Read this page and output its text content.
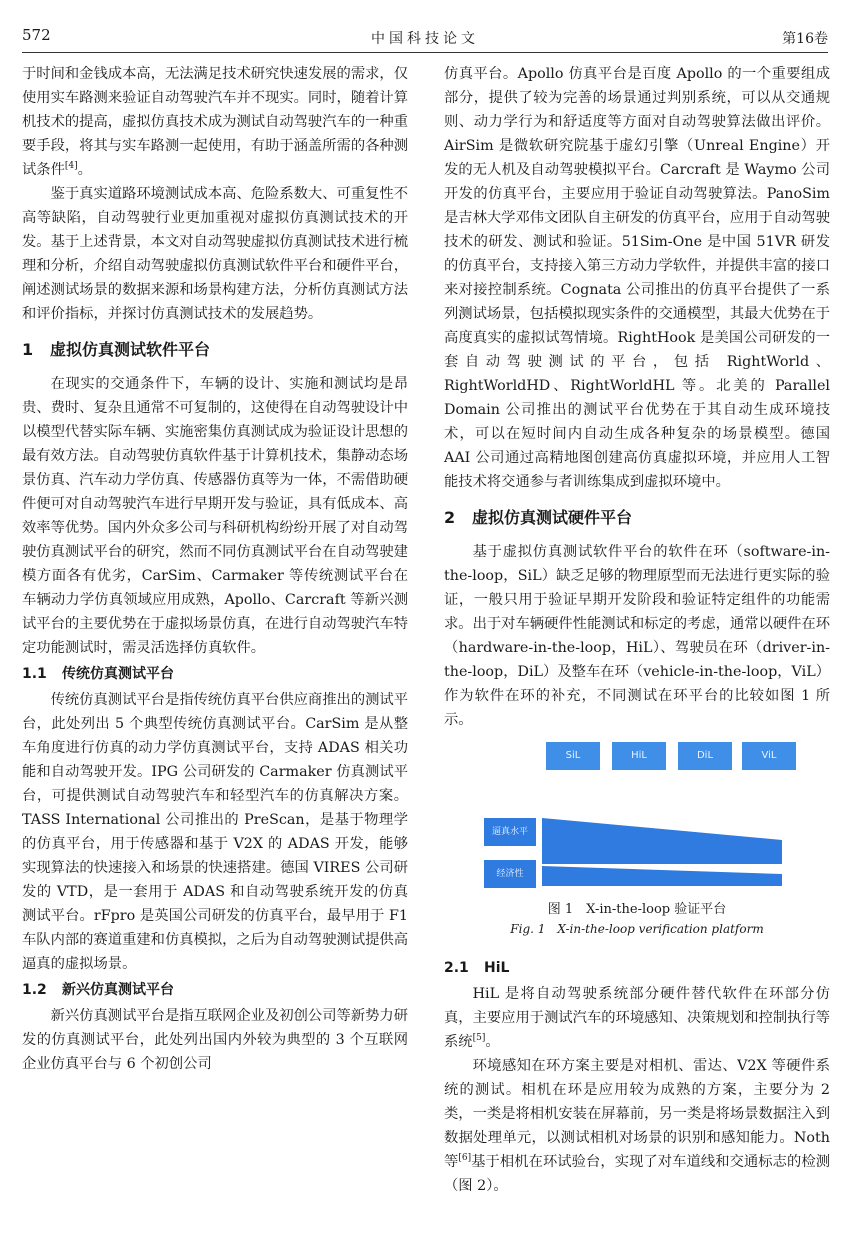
572	中国科技论文	第16卷

于时间和金钱成本高，无法满足技术研究快速发展的需求，仅使用实车路测来验证自动驾驶汽车并不现实。同时，随着计算机技术的提高，虚拟仿真技术成为测试自动驾驶汽车的一种重要手段，将其与实车路测一起使用，有助于涵盖所需的各种测试条件[4]。

鉴于真实道路环境测试成本高、危险系数大、可重复性不高等缺陷，自动驾驶行业更加重视对虚拟仿真测试技术的开发。基于上述背景，本文对自动驾驶虚拟仿真测试技术进行梳理和分析，介绍自动驾驶虚拟仿真测试软件平台和硬件平台，阐述测试场景的数据来源和场景构建方法，分析仿真测试方法和评价指标，并探讨仿真测试技术的发展趋势。

1 虚拟仿真测试软件平台

在现实的交通条件下，车辆的设计、实施和测试均是昂贵、费时、复杂且通常不可复制的，这使得在自动驾驶设计中以模型代替实际车辆、实施密集仿真测试成为验证设计思想的最有效方法。自动驾驶仿真软件基于计算机技术，集静动态场景仿真、汽车动力学仿真、传感器仿真等为一体，不需借助硬件便可对自动驾驶汽车进行早期开发与验证，具有低成本、高效率等优势。国内外众多公司与科研机构纷纷开展了对自动驾驶仿真测试平台的研究，然而不同仿真测试平台在自动驾驶建模方面各有优劣，CarSim、Carmaker 等传统测试平台在车辆动力学仿真领域应用成熟，Apollo、Carcraft 等新兴测试平台的主要优势在于虚拟场景仿真，在进行自动驾驶汽车特定功能测试时，需灵活选择仿真软件。

1.1 传统仿真测试平台

传统仿真测试平台是指传统仿真平台供应商推出的测试平台，此处列出 5 个典型传统仿真测试平台。CarSim 是从整车角度进行仿真的动力学仿真测试平台，支持 ADAS 相关功能和自动驾驶开发。IPG 公司研发的 Carmaker 仿真测试平台，可提供测试自动驾驶汽车和轻型汽车的仿真解决方案。TASS International 公司推出的 PreScan，是基于物理学的仿真平台，用于传感器和基于 V2X 的 ADAS 开发，能够实现算法的快速接入和场景的快速搭建。德国 VIRES 公司研发的 VTD，是一套用于 ADAS 和自动驾驶系统开发的仿真测试平台。rFpro 是英国公司研发的仿真平台，最早用于 F1 车队内部的赛道重建和仿真模拟，之后为自动驾驶测试提供高逼真的虚拟场景。

1.2 新兴仿真测试平台

新兴仿真测试平台是指互联网企业及初创公司等新势力研发的仿真测试平台，此处列出国内外较为典型的 3 个互联网企业仿真平台与 6 个初创公司

仿真平台。Apollo 仿真平台是百度 Apollo 的一个重要组成部分，提供了较为完善的场景通过判别系统，可以从交通规则、动力学行为和舒适度等方面对自动驾驶算法做出评价。AirSim 是微软研究院基于虚幻引擎（Unreal Engine）开发的无人机及自动驾驶模拟平台。Carcraft 是 Waymo 公司开发的仿真平台，主要应用于验证自动驾驶算法。PanoSim 是吉林大学邓伟文团队自主研发的仿真平台，应用于自动驾驶技术的研发、测试和验证。51Sim-One 是中国 51VR 研发的仿真平台，支持接入第三方动力学软件，并提供丰富的接口来对接控制系统。Cognata 公司推出的仿真平台提供了一系列测试场景，包括模拟现实条件的交通模型，其最大优势在于高度真实的虚拟试驾情境。RightHook 是美国公司研发的一套自动驾驶测试的平台，包括 RightWorld、RightWorldHD、RightWorldHL 等。北美的 Parallel Domain 公司推出的测试平台优势在于其自动生成环境技术，可以在短时间内自动生成各种复杂的场景模型。德国 AAI 公司通过高精地图创建高仿真虚拟环境，并应用人工智能技术将交通参与者训练集成到虚拟环境中。

2 虚拟仿真测试硬件平台

基于虚拟仿真测试软件平台的软件在环（software-in-the-loop，SiL）缺乏足够的物理原型而无法进行更实际的验证，一般只用于验证早期开发阶段和验证特定组件的功能需求。出于对车辆硬件性能测试和标定的考虑，通常以硬件在环（hardware-in-the-loop，HiL）、驾驶员在环（driver-in-the-loop，DiL）及整车在环（vehicle-in-the-loop，ViL）作为软件在环的补充，不同测试在环平台的比较如图 1 所示。

SiL	HiL	DiL	ViL
逼真水平
经济性
图 1　X-in-the-loop 验证平台
Fig. 1　X-in-the-loop verification platform
2.1 HiL

HiL 是将自动驾驶系统部分硬件替代软件在环部分仿真，主要应用于测试汽车的环境感知、决策规划和控制执行等系统[5]。

环境感知在环方案主要是对相机、雷达、V2X 等硬件系统的测试。相机在环是应用较为成熟的方案，主要分为 2 类，一类是将相机安装在屏幕前，另一类是将场景数据注入到数据处理单元，以测试相机对场景的识别和感知能力。Noth 等[6]基于相机在环试验台，实现了对车道线和交通标志的检测（图 2）。
